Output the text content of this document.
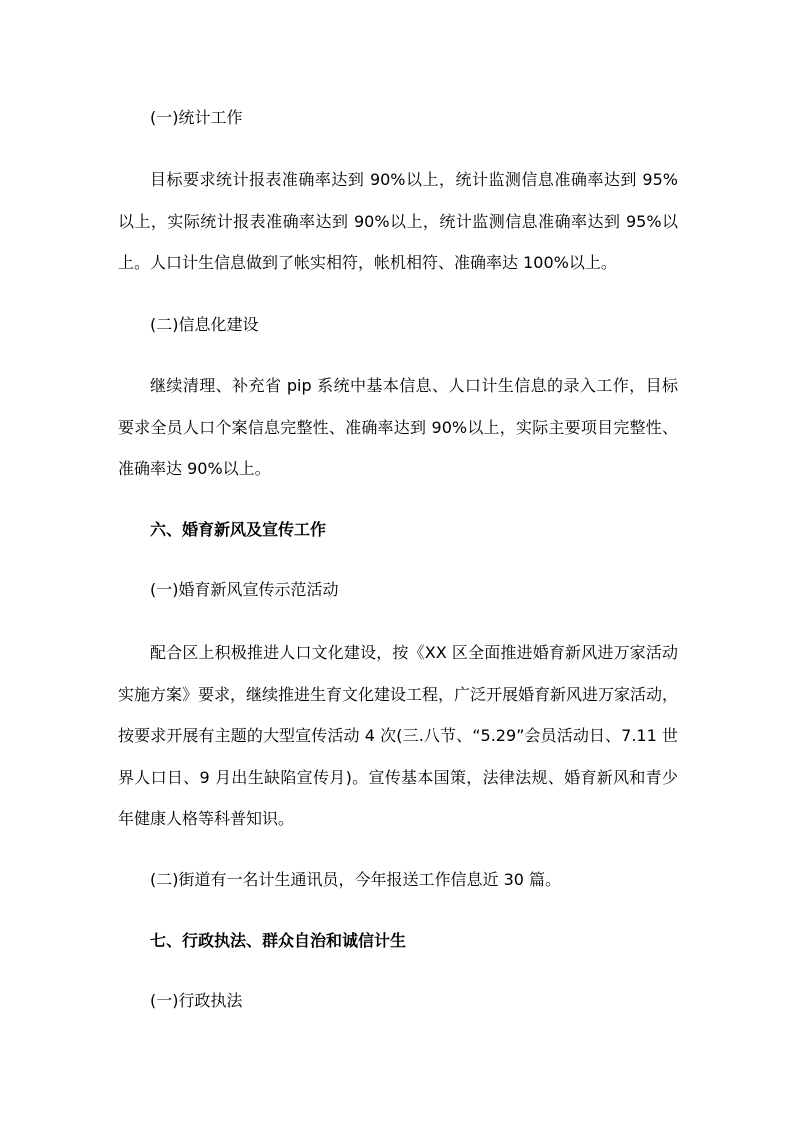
(一)统计工作

目标要求统计报表准确率达到 90%以上，统计监测信息准确率达到 95%以上，实际统计报表准确率达到 90%以上，统计监测信息准确率达到 95%以上。人口计生信息做到了帐实相符，帐机相符、准确率达 100%以上。

(二)信息化建设

继续清理、补充省 pip 系统中基本信息、人口计生信息的录入工作，目标要求全员人口个案信息完整性、准确率达到 90%以上，实际主要项目完整性、准确率达 90%以上。

六、婚育新风及宣传工作

(一)婚育新风宣传示范活动

配合区上积极推进人口文化建设，按《XX 区全面推进婚育新风进万家活动实施方案》要求，继续推进生育文化建设工程，广泛开展婚育新风进万家活动，按要求开展有主题的大型宣传活动 4 次(三.八节、“5.29”会员活动日、7.11 世界人口日、9 月出生缺陷宣传月)。宣传基本国策，法律法规、婚育新风和青少年健康人格等科普知识。

(二)街道有一名计生通讯员，今年报送工作信息近 30 篇。

七、行政执法、群众自治和诚信计生

(一)行政执法
